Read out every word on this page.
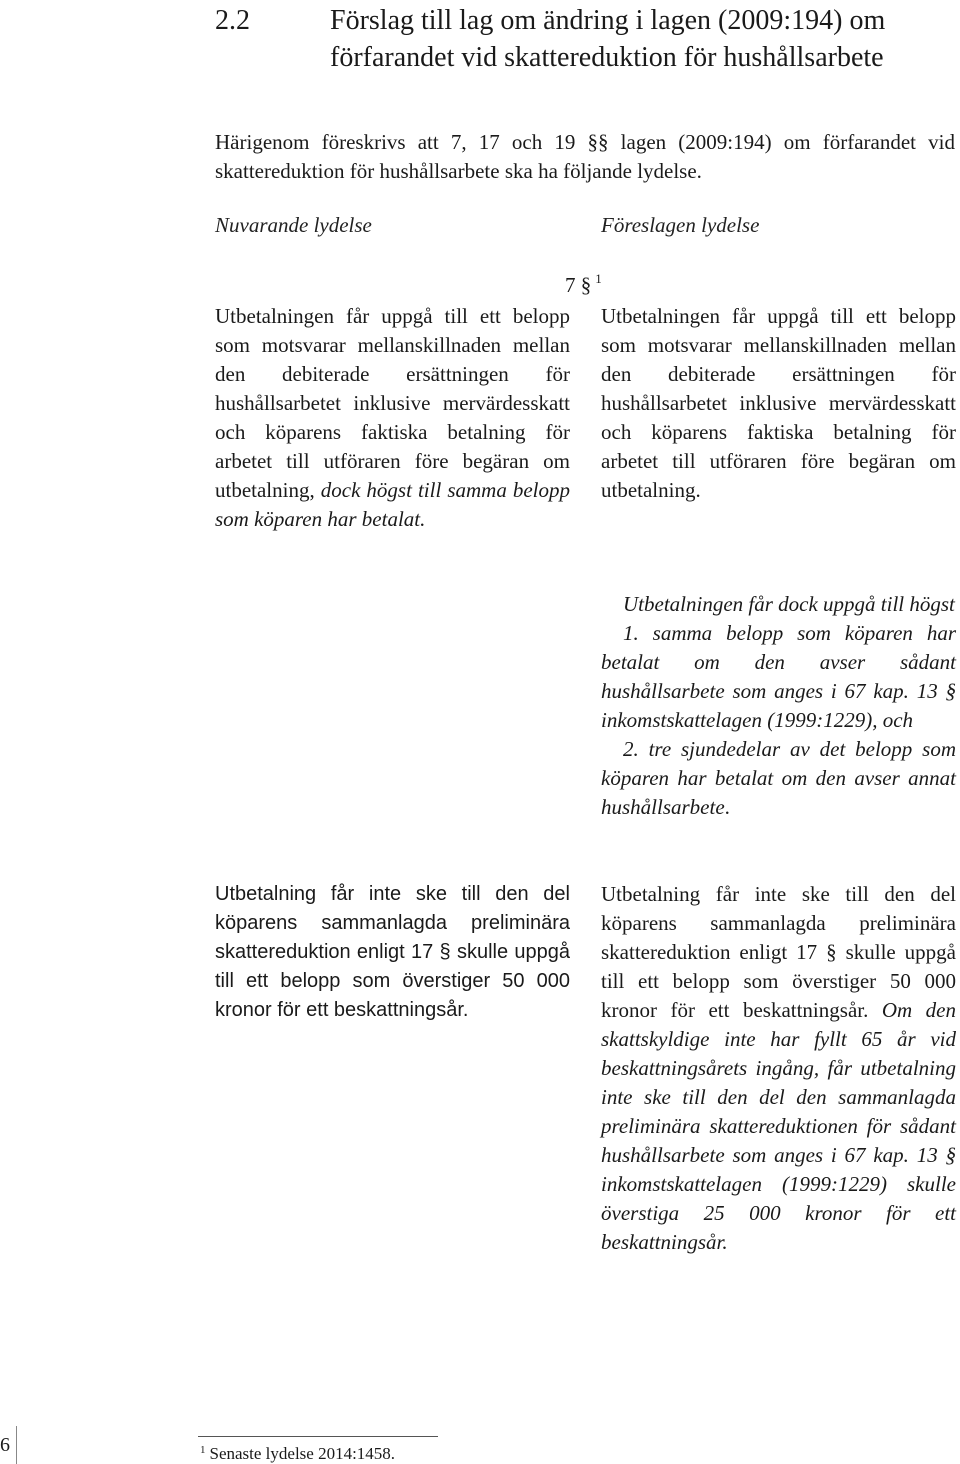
2.2	Förslag till lag om ändring i lagen (2009:194) om förfarandet vid skattereduktion för hushållsarbete
Härigenom föreskrivs att 7, 17 och 19 §§ lagen (2009:194) om förfarandet vid skattereduktion för hushållsarbete ska ha följande lydelse.
Nuvarande lydelse	Föreslagen lydelse
7 § $^1$
Utbetalningen får uppgå till ett belopp som motsvarar mellanskillnaden mellan den debiterade ersättningen för hushållsarbetet inklusive mervärdesskatt och köparens faktiska betalning för arbetet till utföraren före begäran om utbetalning, dock högst till samma belopp som köparen har betalat.
Utbetalning får inte ske till den del köparens sammanlagda preliminära skattereduktion enligt 17 § skulle uppgå till ett belopp som överstiger 50 000 kronor för ett beskattningsår.
Utbetalningen får uppgå till ett belopp som motsvarar mellanskillnaden mellan den debiterade ersättningen för hushållsarbetet inklusive mervärdesskatt och köparens faktiska betalning för arbetet till utföraren före begäran om utbetalning.
Utbetalningen får dock uppgå till högst
1. samma belopp som köparen har betalat om den avser sådant hushållsarbete som anges i 67 kap. 13 § inkomstskattelagen (1999:1229), och
2. tre sjundedelar av det belopp som köparen har betalat om den avser annat hushållsarbete.
Utbetalning får inte ske till den del köparens sammanlagda preliminära skattereduktion enligt 17 § skulle uppgå till ett belopp som överstiger 50 000 kronor för ett beskattningsår. Om den skattskyldige inte har fyllt 65 år vid beskattningsårets ingång, får utbetalning inte ske till den del den sammanlagda preliminära skattereduktionen för sådant hushållsarbete som anges i 67 kap. 13 § inkomstskattelagen (1999:1229) skulle överstiga 25 000 kronor för ett beskattningsår.
$^1$ Senaste lydelse 2014:1458.
6
